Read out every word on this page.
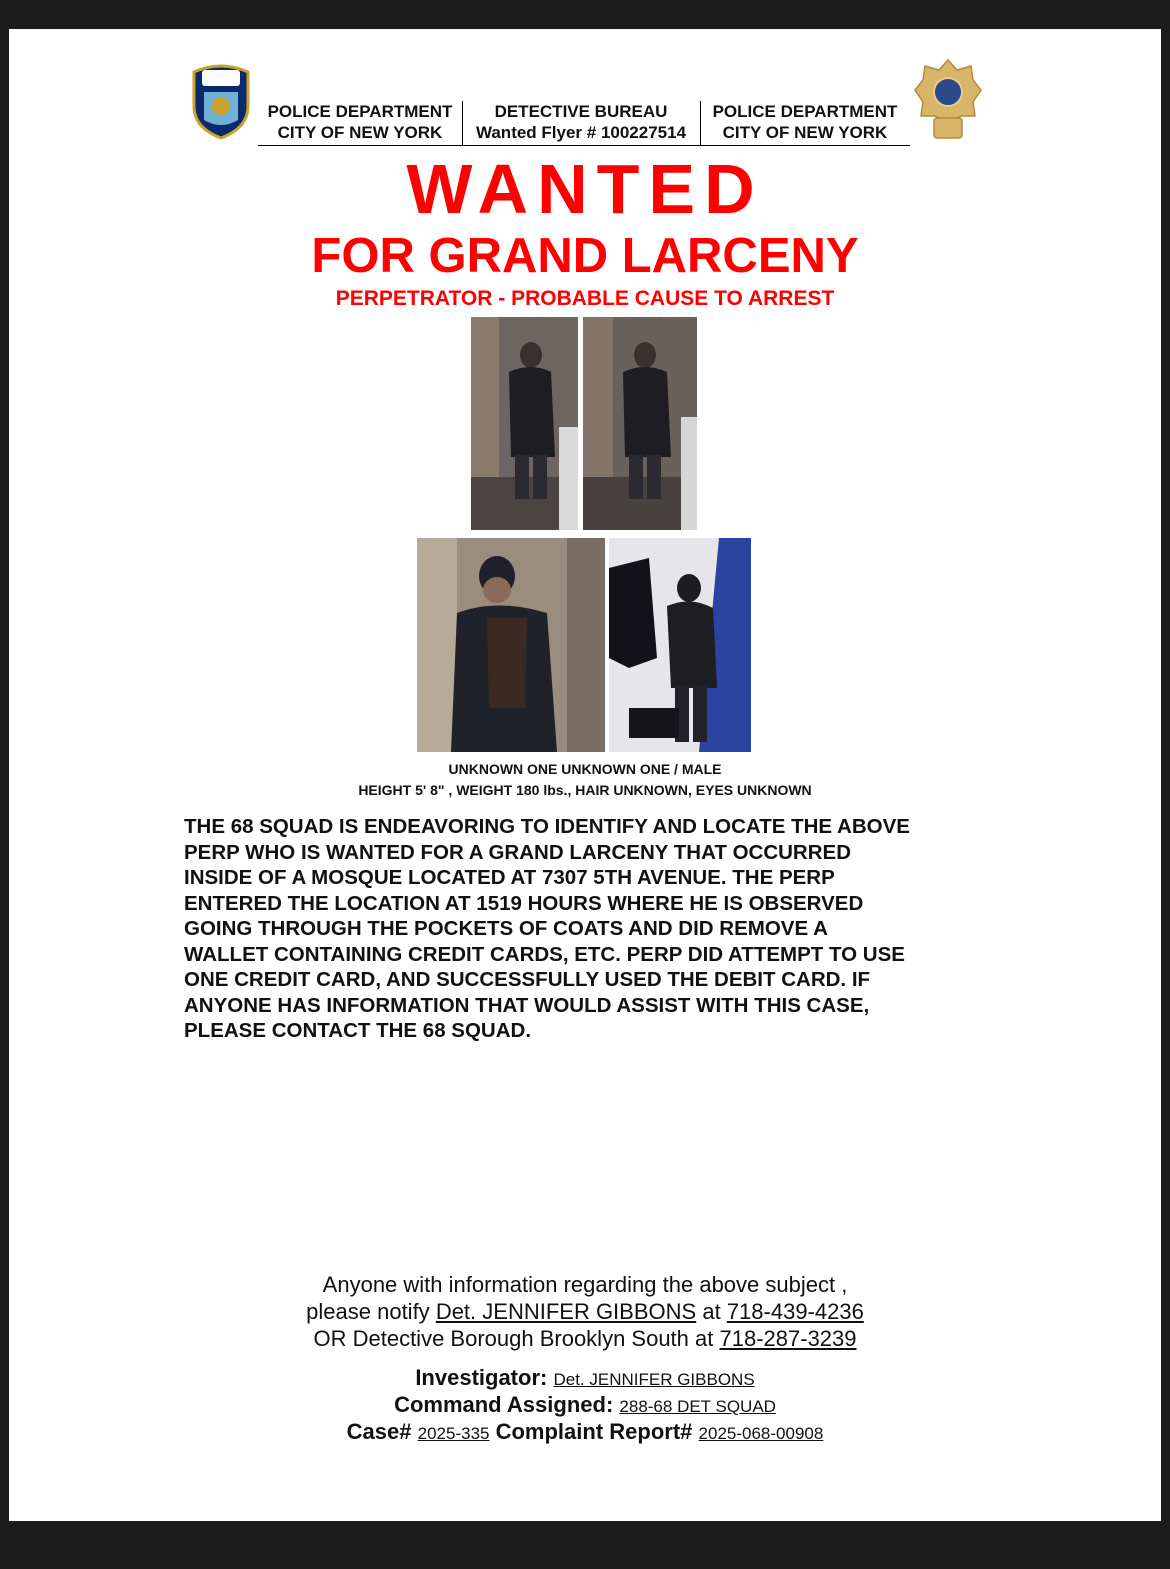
POLICE DEPARTMENT
CITY OF NEW YORK
DETECTIVE BUREAU
Wanted Flyer # 100227514
POLICE DEPARTMENT
CITY OF NEW YORK
WANTED
FOR GRAND LARCENY
PERPETRATOR - PROBABLE CAUSE TO ARREST
UNKNOWN ONE UNKNOWN ONE / MALE
HEIGHT 5' 8" , WEIGHT 180 lbs., HAIR UNKNOWN, EYES UNKNOWN
THE 68 SQUAD IS ENDEAVORING TO IDENTIFY AND LOCATE THE ABOVE
PERP WHO IS WANTED FOR A GRAND LARCENY THAT OCCURRED
INSIDE OF A MOSQUE LOCATED AT 7307 5TH AVENUE. THE PERP
ENTERED THE LOCATION AT 1519 HOURS WHERE HE IS OBSERVED
GOING THROUGH THE POCKETS OF COATS AND DID REMOVE A
WALLET CONTAINING CREDIT CARDS, ETC. PERP DID ATTEMPT TO USE
ONE CREDIT CARD, AND SUCCESSFULLY USED THE DEBIT CARD. IF
ANYONE HAS INFORMATION THAT WOULD ASSIST WITH THIS CASE,
PLEASE CONTACT THE 68 SQUAD.
Anyone with information regarding the above subject ,
please notify Det. JENNIFER GIBBONS at 718-439-4236
OR Detective Borough Brooklyn South at 718-287-3239
Investigator: Det. JENNIFER GIBBONS
Command Assigned: 288-68 DET SQUAD
Case# 2025-335 Complaint Report# 2025-068-00908
